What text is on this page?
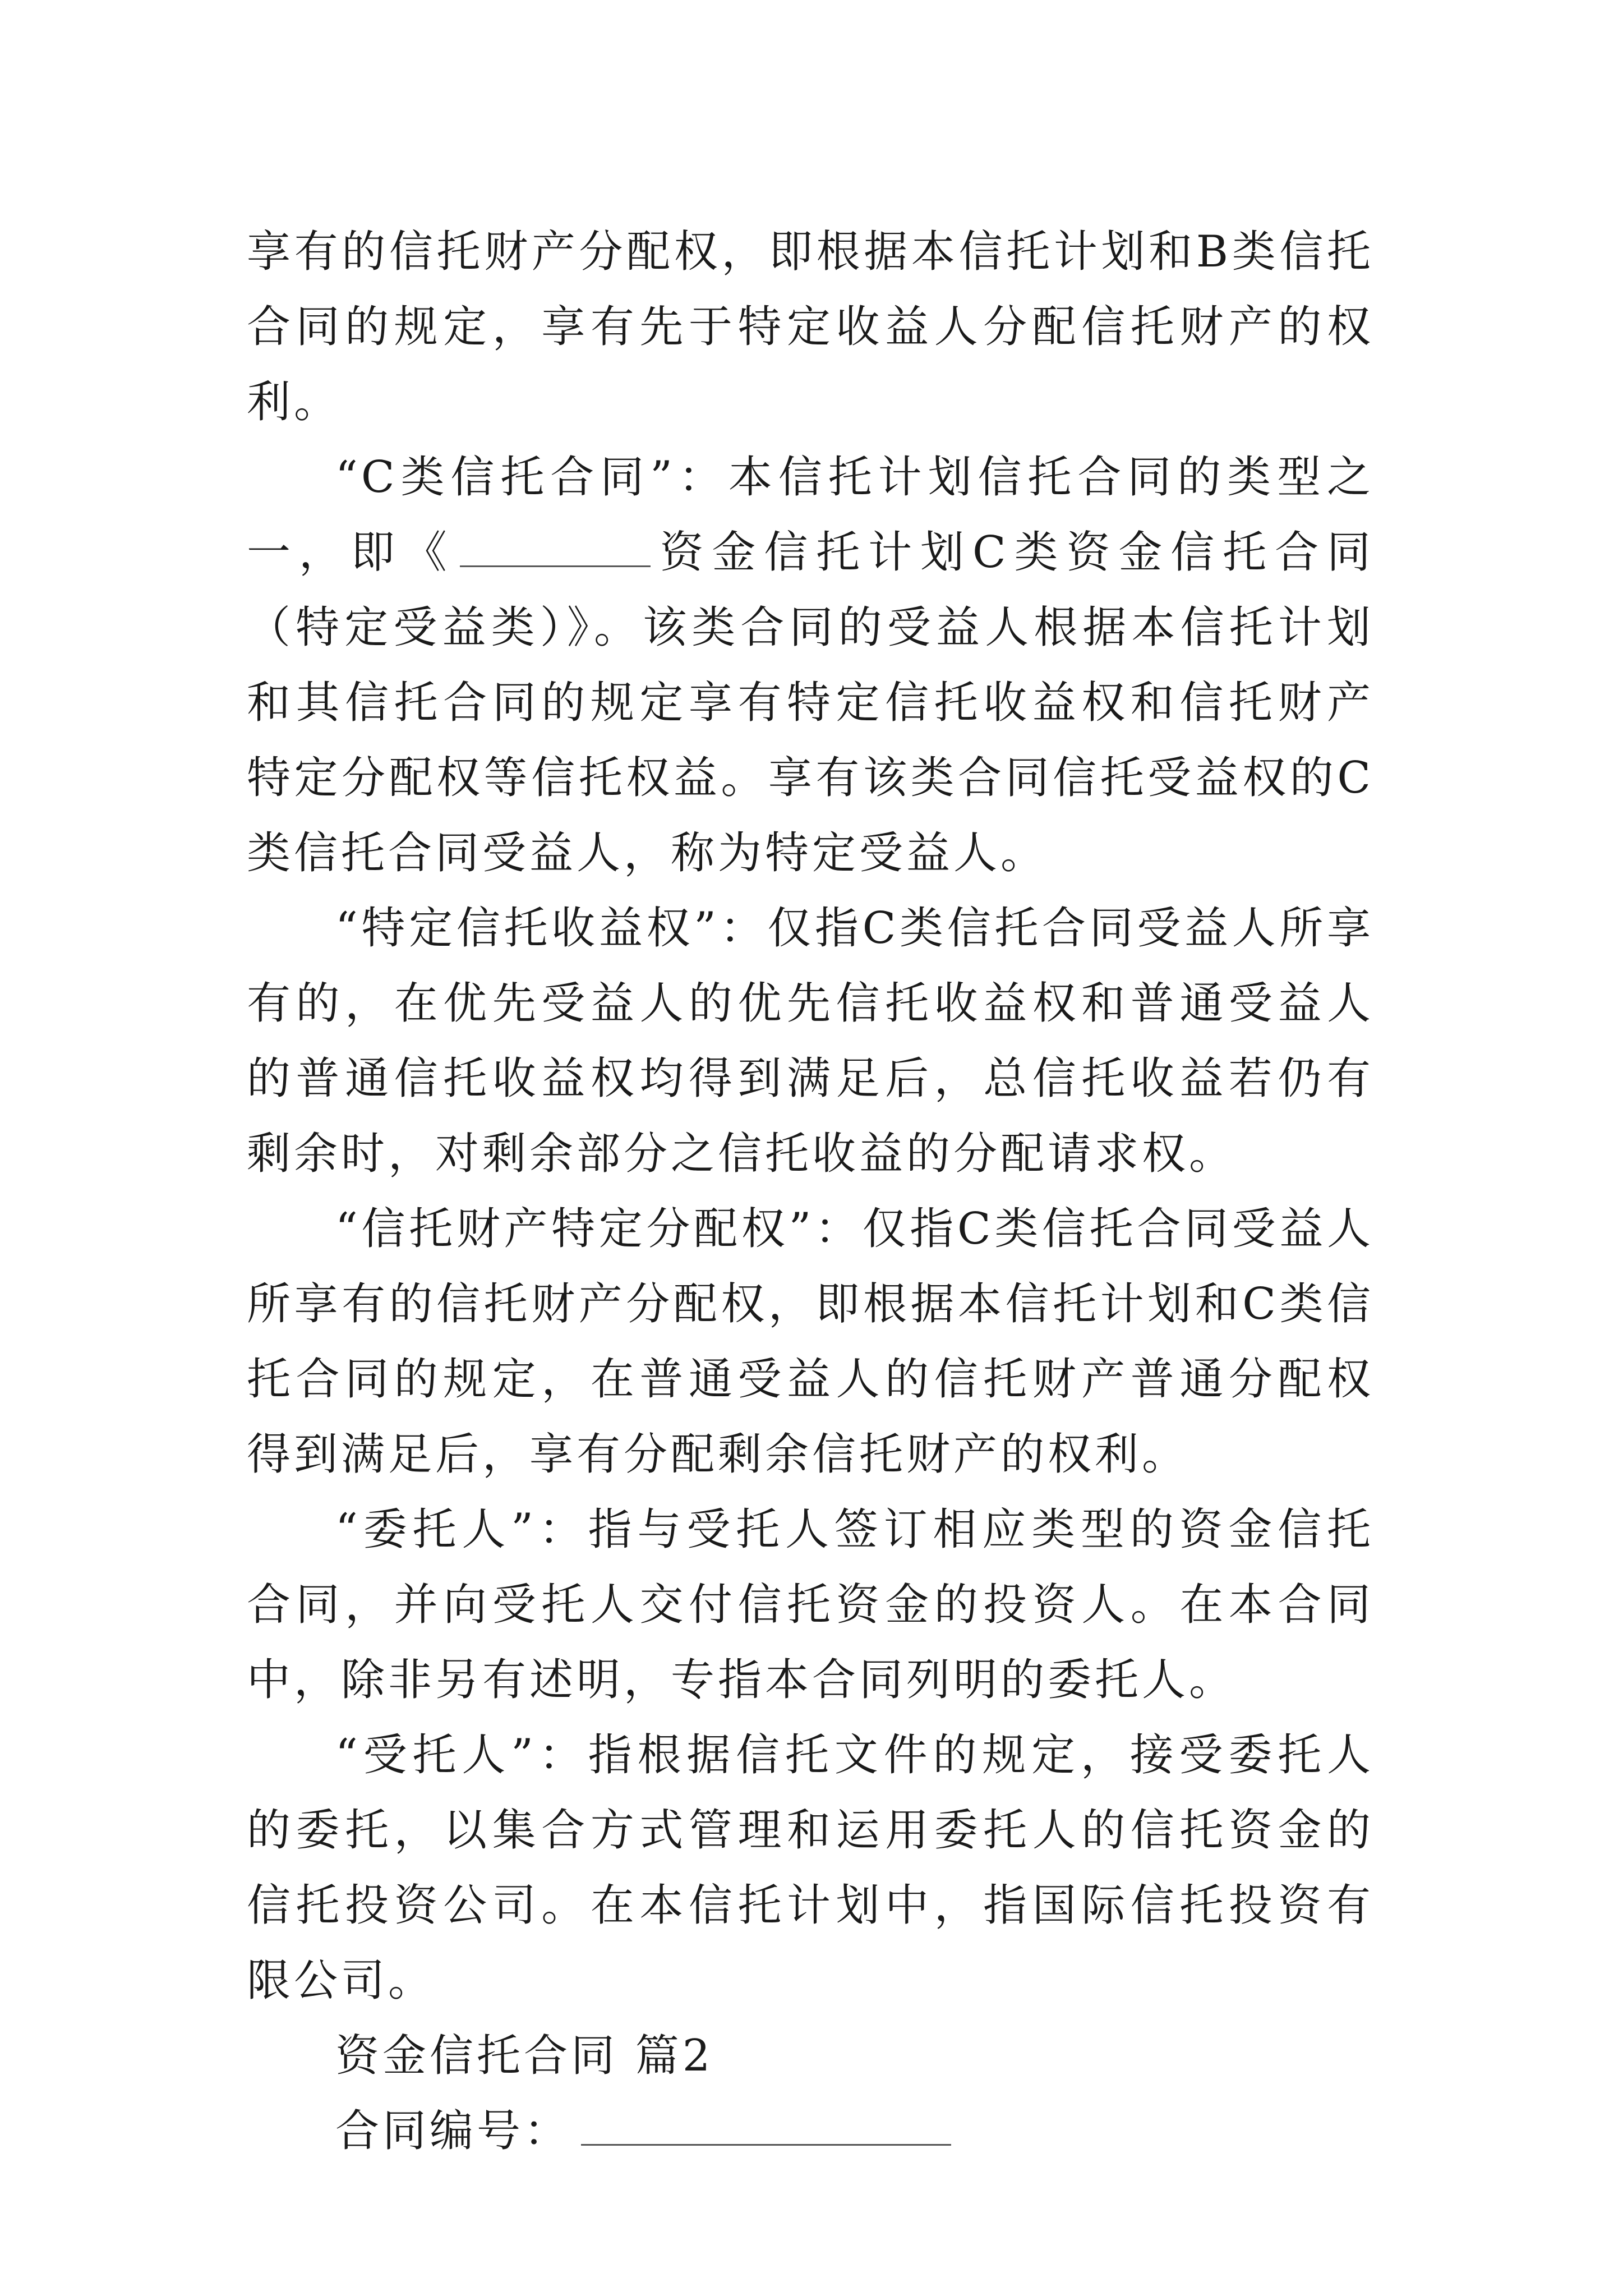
享有的信托财产分配权，即根据本信托计划和B类信托合同的规定，享有先于特定收益人分配信托财产的权利。

“C类信托合同”：本信托计划信托合同的类型之一，即《	资金信托计划C类资金信托合同（特定受益类）》。该类合同的受益人根据本信托计划和其信托合同的规定享有特定信托收益权和信托财产特定分配权等信托权益。享有该类合同信托受益权的C类信托合同受益人，称为特定受益人。

“特定信托收益权”：仅指C类信托合同受益人所享有的，在优先受益人的优先信托收益权和普通受益人的普通信托收益权均得到满足后，总信托收益若仍有剩余时，对剩余部分之信托收益的分配请求权。

“信托财产特定分配权”：仅指C类信托合同受益人所享有的信托财产分配权，即根据本信托计划和C类信托合同的规定，在普通受益人的信托财产普通分配权得到满足后，享有分配剩余信托财产的权利。

“委托人”：指与受托人签订相应类型的资金信托合同，并向受托人交付信托资金的投资人。在本合同中，除非另有述明，专指本合同列明的委托人。

“受托人”：指根据信托文件的规定，接受委托人的委托，以集合方式管理和运用委托人的信托资金的信托投资公司。在本信托计划中，指国际信托投资有限公司。

资金信托合同 篇2

合同编号：
